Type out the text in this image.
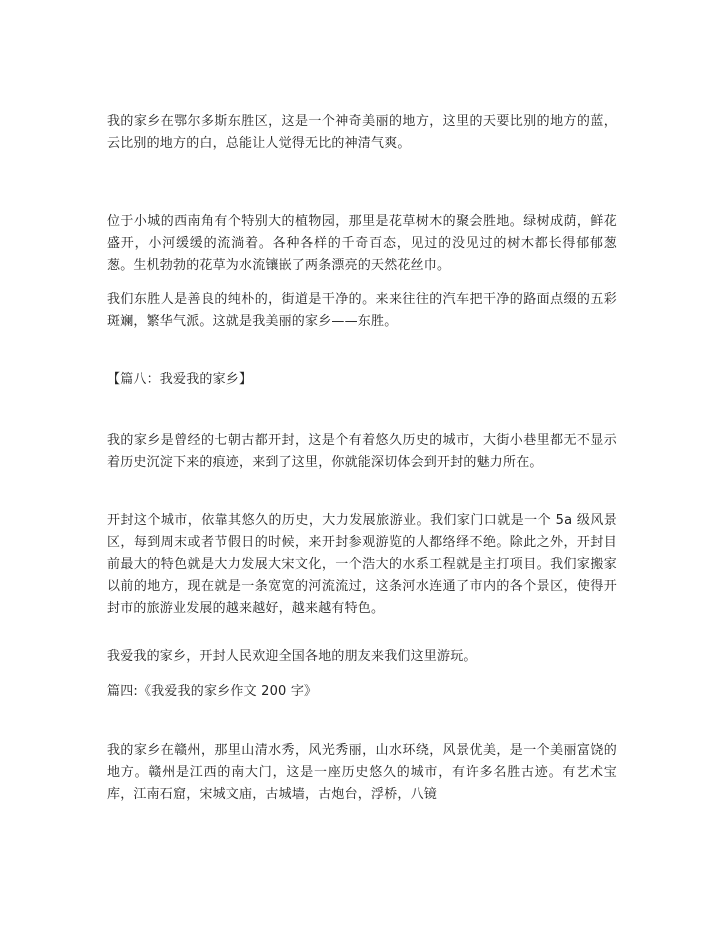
我的家乡在鄂尔多斯东胜区，这是一个神奇美丽的地方，这里的天要比别的地方的蓝，云比别的地方的白，总能让人觉得无比的神清气爽。

位于小城的西南角有个特别大的植物园，那里是花草树木的聚会胜地。绿树成荫，鲜花盛开，小河缓缓的流淌着。各种各样的千奇百态，见过的没见过的树木都长得郁郁葱葱。生机勃勃的花草为水流镶嵌了两条漂亮的天然花丝巾。

我们东胜人是善良的纯朴的，街道是干净的。来来往往的汽车把干净的路面点缀的五彩斑斓，繁华气派。这就是我美丽的家乡——东胜。

【篇八：我爱我的家乡】

我的家乡是曾经的七朝古都开封，这是个有着悠久历史的城市，大街小巷里都无不显示着历史沉淀下来的痕迹，来到了这里，你就能深切体会到开封的魅力所在。

开封这个城市，依靠其悠久的历史，大力发展旅游业。我们家门口就是一个 5a 级风景区，每到周末或者节假日的时候，来开封参观游览的人都络绎不绝。除此之外，开封目前最大的特色就是大力发展大宋文化，一个浩大的水系工程就是主打项目。我们家搬家以前的地方，现在就是一条宽宽的河流流过，这条河水连通了市内的各个景区，使得开封市的旅游业发展的越来越好，越来越有特色。

我爱我的家乡，开封人民欢迎全国各地的朋友来我们这里游玩。

篇四:《我爱我的家乡作文 200 字》

我的家乡在赣州，那里山清水秀，风光秀丽，山水环绕，风景优美，是一个美丽富饶的地方。赣州是江西的南大门，这是一座历史悠久的城市，有许多名胜古迹。有艺术宝库，江南石窟，宋城文庙，古城墙，古炮台，浮桥，八镜
